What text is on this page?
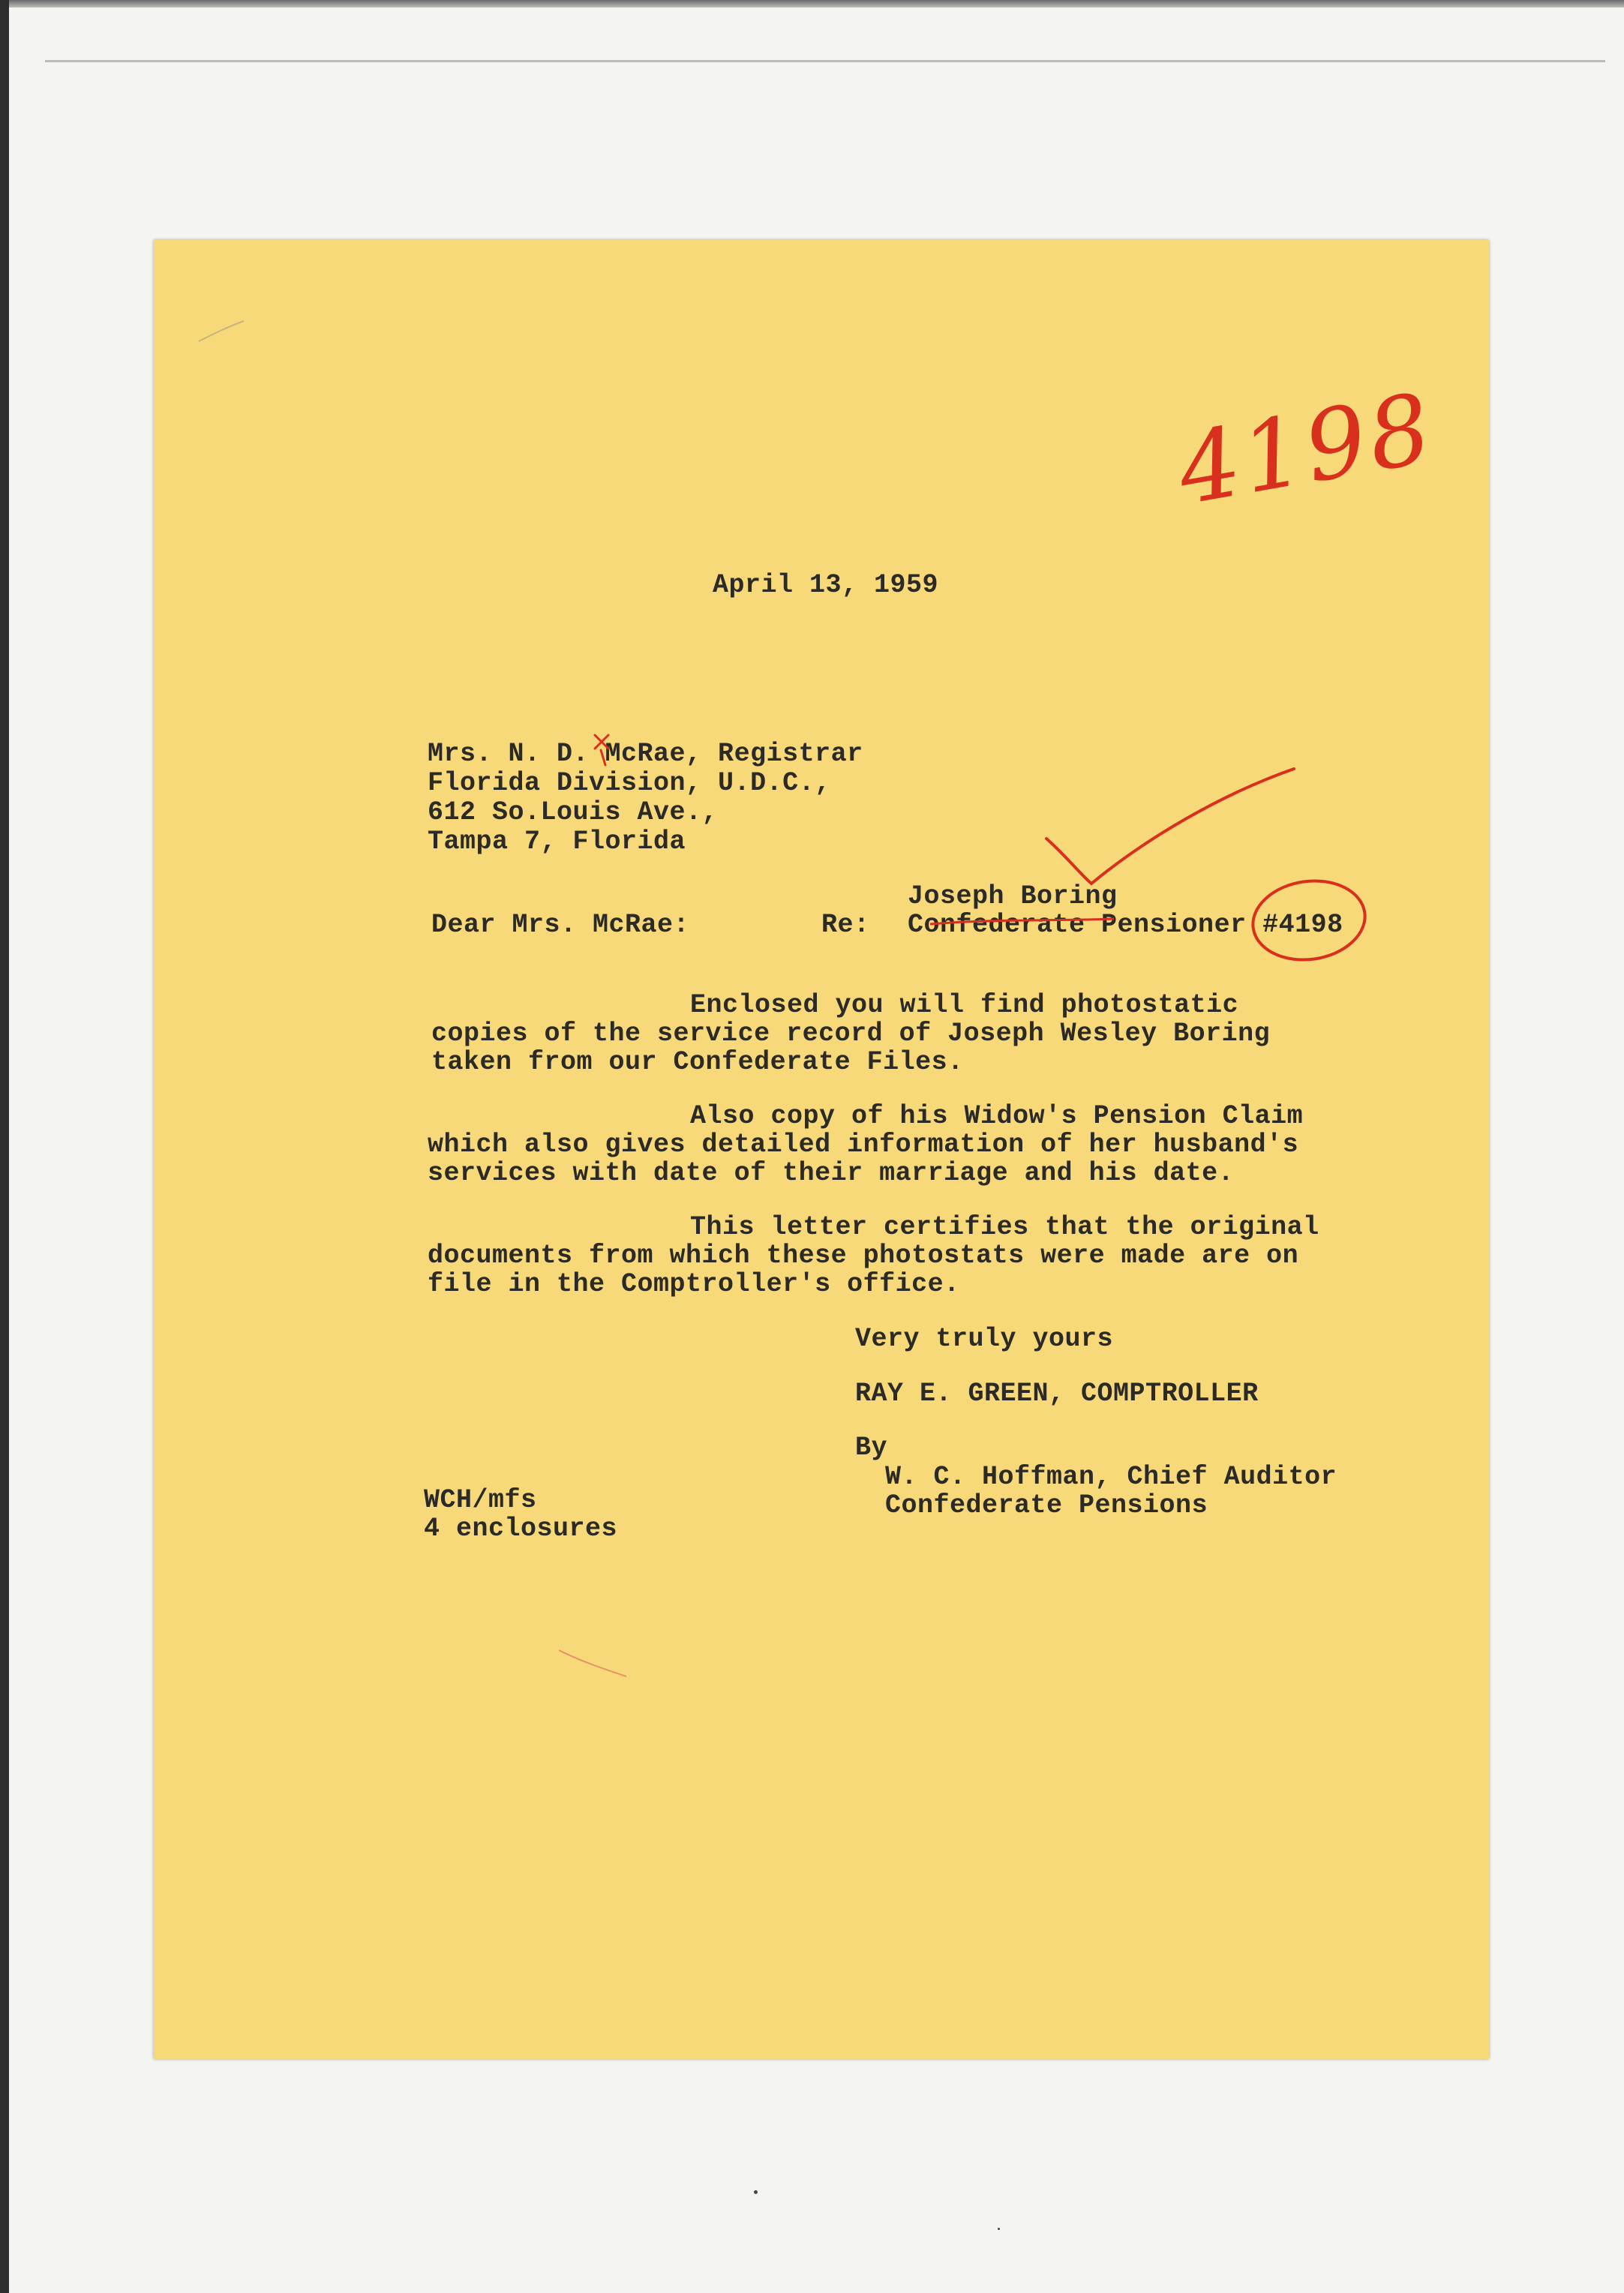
4198
April 13, 1959
Mrs. N. D. McRae, Registrar
Florida Division, U.D.C.,
612 So.Louis Ave.,
Tampa 7, Florida
Dear Mrs. McRae:	Re:
Joseph Boring
Confederate Pensioner #4198
Enclosed you will find photostatic
copies of the service record of Joseph Wesley Boring
taken from our Confederate Files.
Also copy of his Widow's Pension Claim
which also gives detailed information of her husband's
services with date of their marriage and his date.
This letter certifies that the original
documents from which these photostats were made are on
file in the Comptroller's office.
Very truly yours
RAY E. GREEN, COMPTROLLER
By
W. C. Hoffman, Chief Auditor
Confederate Pensions
WCH/mfs
4 enclosures
